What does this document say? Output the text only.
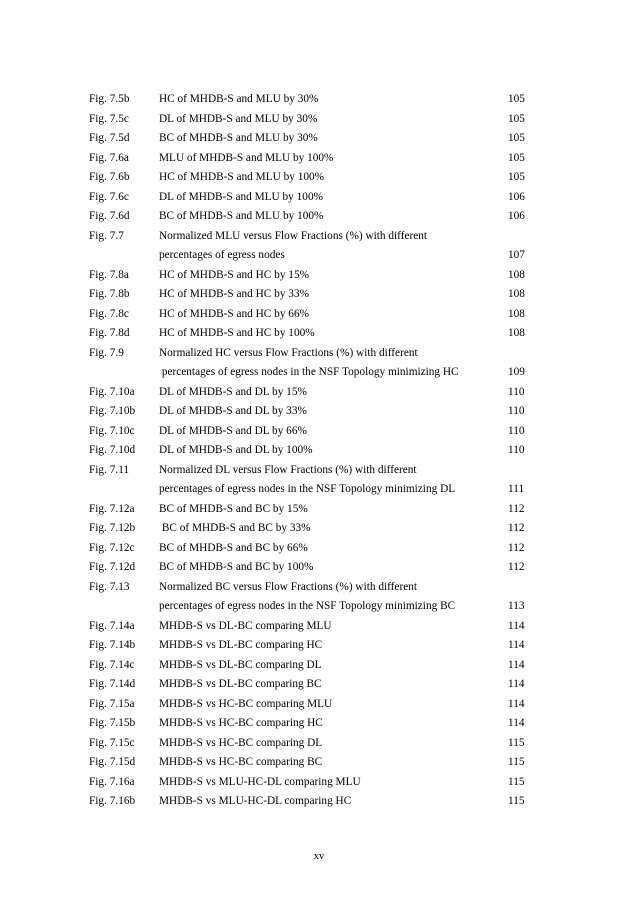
Fig. 7.5b	HC of MHDB-S and MLU by 30%	105
Fig. 7.5c	DL of MHDB-S and MLU by 30%	105
Fig. 7.5d	BC of MHDB-S and MLU by 30%	105
Fig. 7.6a	MLU of MHDB-S and MLU by 100%	105
Fig. 7.6b	HC of MHDB-S and MLU by 100%	105
Fig. 7.6c	DL of MHDB-S and MLU by 100%	106
Fig. 7.6d	BC of MHDB-S and MLU by 100%	106
Fig. 7.7	Normalized MLU versus Flow Fractions (%) with different
percentages of egress nodes	107
Fig. 7.8a	HC of MHDB-S and HC by 15%	108
Fig. 7.8b	HC of MHDB-S and HC by 33%	108
Fig. 7.8c	HC of MHDB-S and HC by 66%	108
Fig. 7.8d	HC of MHDB-S and HC by 100%	108
Fig. 7.9	Normalized HC versus Flow Fractions (%) with different
percentages of egress nodes in the NSF Topology minimizing HC	109
Fig. 7.10a DL of MHDB-S and DL by 15%	110
Fig. 7.10b DL of MHDB-S and DL by 33%	110
Fig. 7.10c DL of MHDB-S and DL by 66%	110
Fig. 7.10d DL of MHDB-S and DL by 100%	110
Fig. 7.11	Normalized DL versus Flow Fractions (%) with different
percentages of egress nodes in the NSF Topology minimizing DL	111
Fig. 7.12a BC of MHDB-S and BC by 15%	112
Fig. 7.12b BC of MHDB-S and BC by 33%	112
Fig. 7.12c BC of MHDB-S and BC by 66%	112
Fig. 7.12d BC of MHDB-S and BC by 100%	112
Fig. 7.13	Normalized BC versus Flow Fractions (%) with different
percentages of egress nodes in the NSF Topology minimizing BC	113
Fig. 7.14a MHDB-S vs DL-BC comparing MLU	114
Fig. 7.14b MHDB-S vs DL-BC comparing HC	114
Fig. 7.14c MHDB-S vs DL-BC comparing DL	114
Fig. 7.14d MHDB-S vs DL-BC comparing BC	114
Fig. 7.15a MHDB-S vs HC-BC comparing MLU	114
Fig. 7.15b MHDB-S vs HC-BC comparing HC	114
Fig. 7.15c MHDB-S vs HC-BC comparing DL	115
Fig. 7.15d MHDB-S vs HC-BC comparing BC	115
Fig. 7.16a MHDB-S vs MLU-HC-DL comparing MLU	115
Fig. 7.16b MHDB-S vs MLU-HC-DL comparing HC	115
xv
